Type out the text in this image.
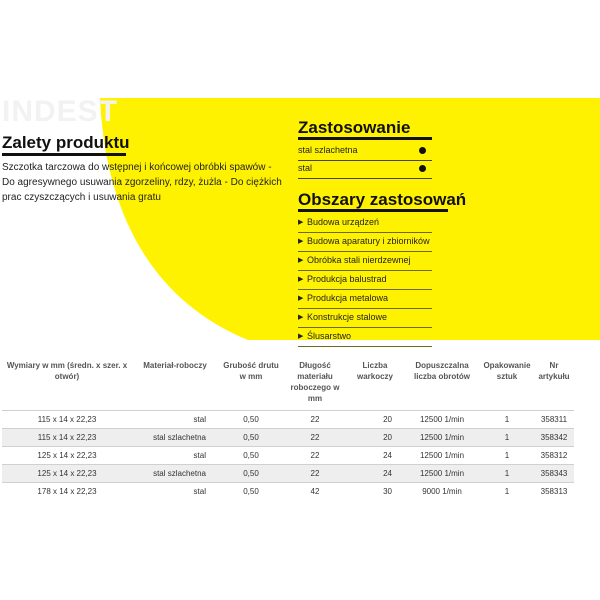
INDEST
Zalety produktu
Szczotka tarczowa do wstępnej i końcowej obróbki spawów - Do agresywnego usuwania zgorzeliny, rdzy, żużla - Do ciężkich prac czyszczących i usuwania gratu
Zastosowanie
stal szlachetna
stal
Obszary zastosowań
▶ Budowa urządzeń
▶ Budowa aparatury i zbiorników
▶ Obróbka stali nierdzewnej
▶ Produkcja balustrad
▶ Produkcja metalowa
▶ Konstrukcje stalowe
▶ Ślusarstwo
Wymiary w mm (średn. x szer. x otwór)	Materiał-roboczy	Grubość drutu w mm	Długość materiału roboczego w mm	Liczba warkoczy	Dopuszczalna liczba obrotów	Opakowanie sztuk	Nr artykułu
115 x 14 x 22,23	stal	0,50	22	20	12500 1/min	1	358311
115 x 14 x 22,23	stal szlachetna	0,50	22	20	12500 1/min	1	358342
125 x 14 x 22,23	stal	0,50	22	24	12500 1/min	1	358312
125 x 14 x 22,23	stal szlachetna	0,50	22	24	12500 1/min	1	358343
178 x 14 x 22,23	stal	0,50	42	30	9000 1/min	1	358313
